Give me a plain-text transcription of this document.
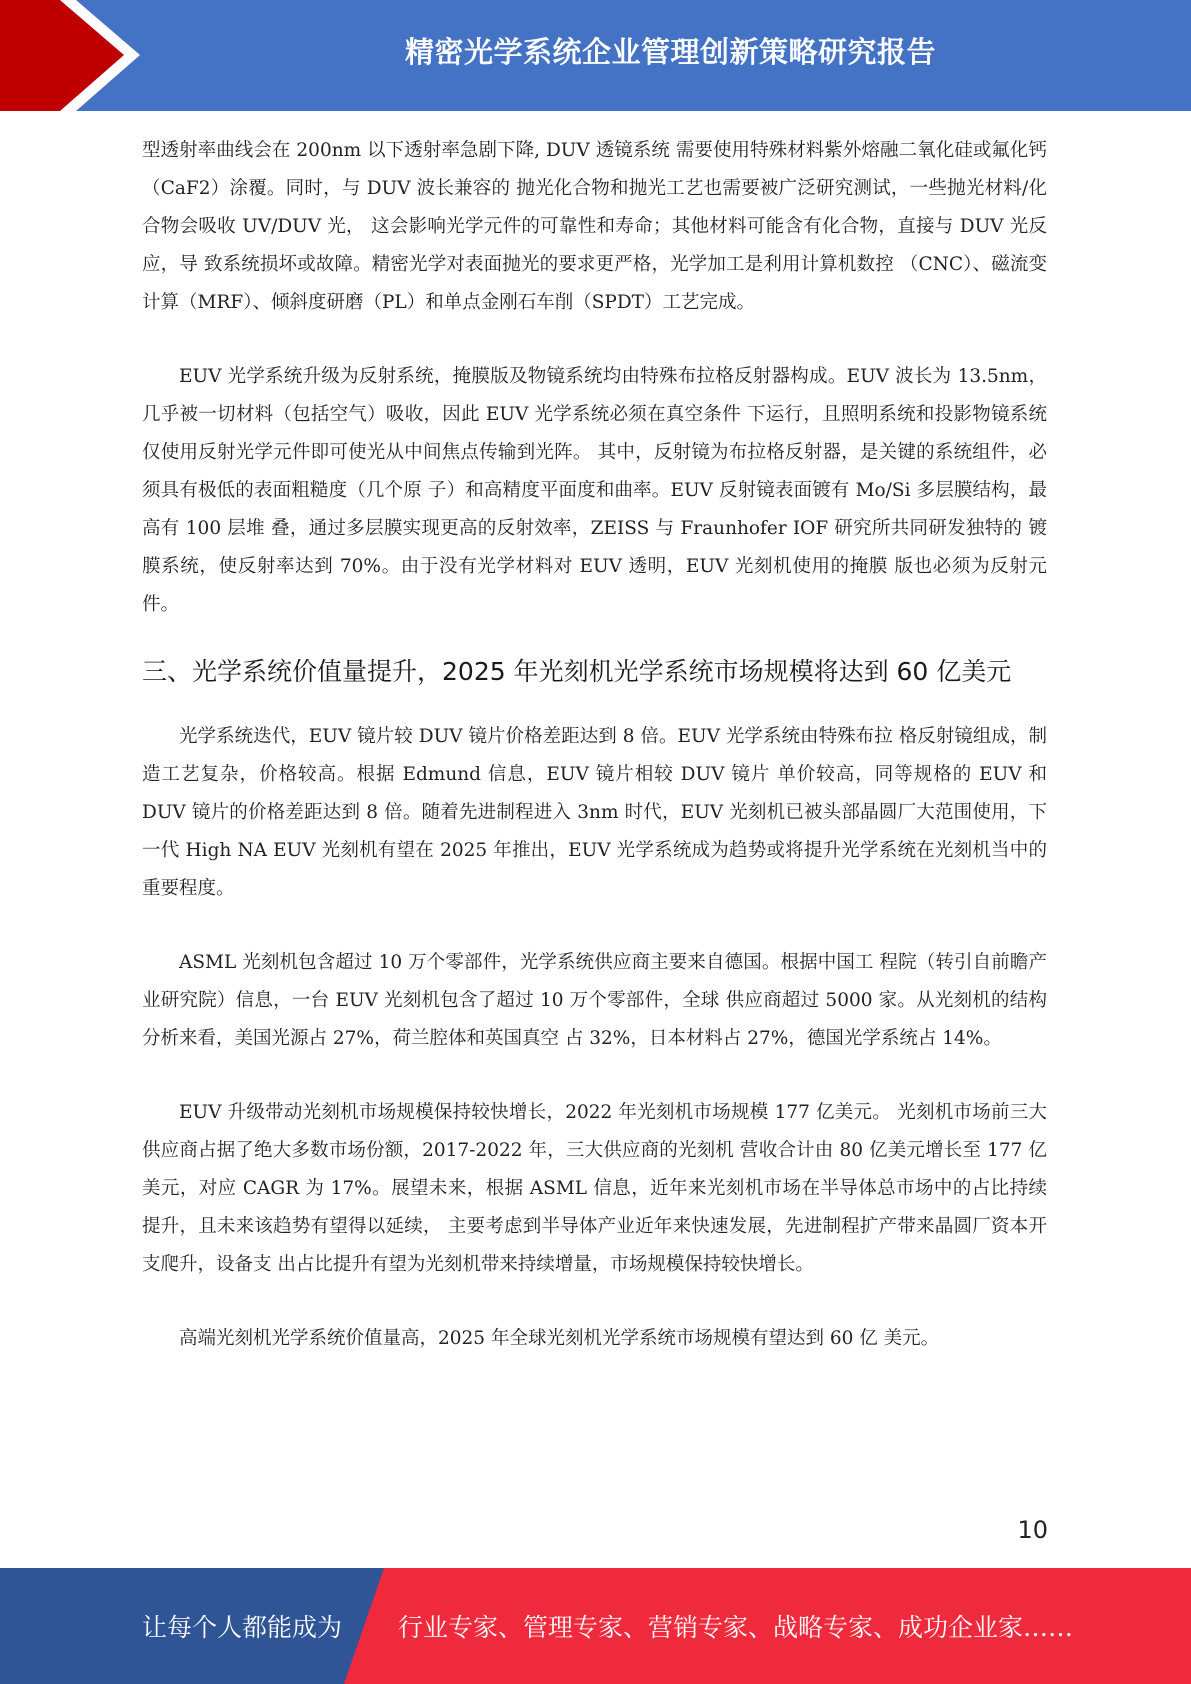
精密光学系统企业管理创新策略研究报告

型透射率曲线会在 200nm 以下透射率急剧下降, DUV 透镜系统 需要使用特殊材料紫外熔融二氧化硅或氟化钙（CaF2）涂覆。同时，与 DUV 波长兼容的 抛光化合物和抛光工艺也需要被广泛研究测试，一些抛光材料/化合物会吸收 UV/DUV 光， 这会影响光学元件的可靠性和寿命；其他材料可能含有化合物，直接与 DUV 光反应，导 致系统损坏或故障。精密光学对表面抛光的要求更严格，光学加工是利用计算机数控 （CNC）、磁流变计算（MRF）、倾斜度研磨（PL）和单点金刚石车削（SPDT）工艺完成。

EUV 光学系统升级为反射系统，掩膜版及物镜系统均由特殊布拉格反射器构成。EUV 波长为 13.5nm，几乎被一切材料（包括空气）吸收，因此 EUV 光学系统必须在真空条件 下运行，且照明系统和投影物镜系统仅使用反射光学元件即可使光从中间焦点传输到光阵。 其中，反射镜为布拉格反射器，是关键的系统组件，必须具有极低的表面粗糙度（几个原 子）和高精度平面度和曲率。EUV 反射镜表面镀有 Mo/Si 多层膜结构，最高有 100 层堆 叠，通过多层膜实现更高的反射效率，ZEISS 与 Fraunhofer IOF 研究所共同研发独特的 镀膜系统，使反射率达到 70%。由于没有光学材料对 EUV 透明，EUV 光刻机使用的掩膜 版也必须为反射元件。

三、光学系统价值量提升，2025 年光刻机光学系统市场规模将达到 60 亿美元

光学系统迭代，EUV 镜片较 DUV 镜片价格差距达到 8 倍。EUV 光学系统由特殊布拉 格反射镜组成，制造工艺复杂，价格较高。根据 Edmund 信息，EUV 镜片相较 DUV 镜片 单价较高，同等规格的 EUV 和 DUV 镜片的价格差距达到 8 倍。随着先进制程进入 3nm 时代，EUV 光刻机已被头部晶圆厂大范围使用，下一代 High NA EUV 光刻机有望在 2025 年推出，EUV 光学系统成为趋势或将提升光学系统在光刻机当中的重要程度。

ASML 光刻机包含超过 10 万个零部件，光学系统供应商主要来自德国。根据中国工 程院（转引自前瞻产业研究院）信息，一台 EUV 光刻机包含了超过 10 万个零部件，全球 供应商超过 5000 家。从光刻机的结构分析来看，美国光源占 27%，荷兰腔体和英国真空 占 32%，日本材料占 27%，德国光学系统占 14%。

EUV 升级带动光刻机市场规模保持较快增长，2022 年光刻机市场规模 177 亿美元。 光刻机市场前三大供应商占据了绝大多数市场份额，2017-2022 年，三大供应商的光刻机 营收合计由 80 亿美元增长至 177 亿美元，对应 CAGR 为 17%。展望未来，根据 ASML 信息，近年来光刻机市场在半导体总市场中的占比持续提升，且未来该趋势有望得以延续， 主要考虑到半导体产业近年来快速发展，先进制程扩产带来晶圆厂资本开支爬升，设备支 出占比提升有望为光刻机带来持续增量，市场规模保持较快增长。

高端光刻机光学系统价值量高，2025 年全球光刻机光学系统市场规模有望达到 60 亿 美元。

10
让每个人都能成为 行业专家、管理专家、营销专家、战略专家、成功企业家……
